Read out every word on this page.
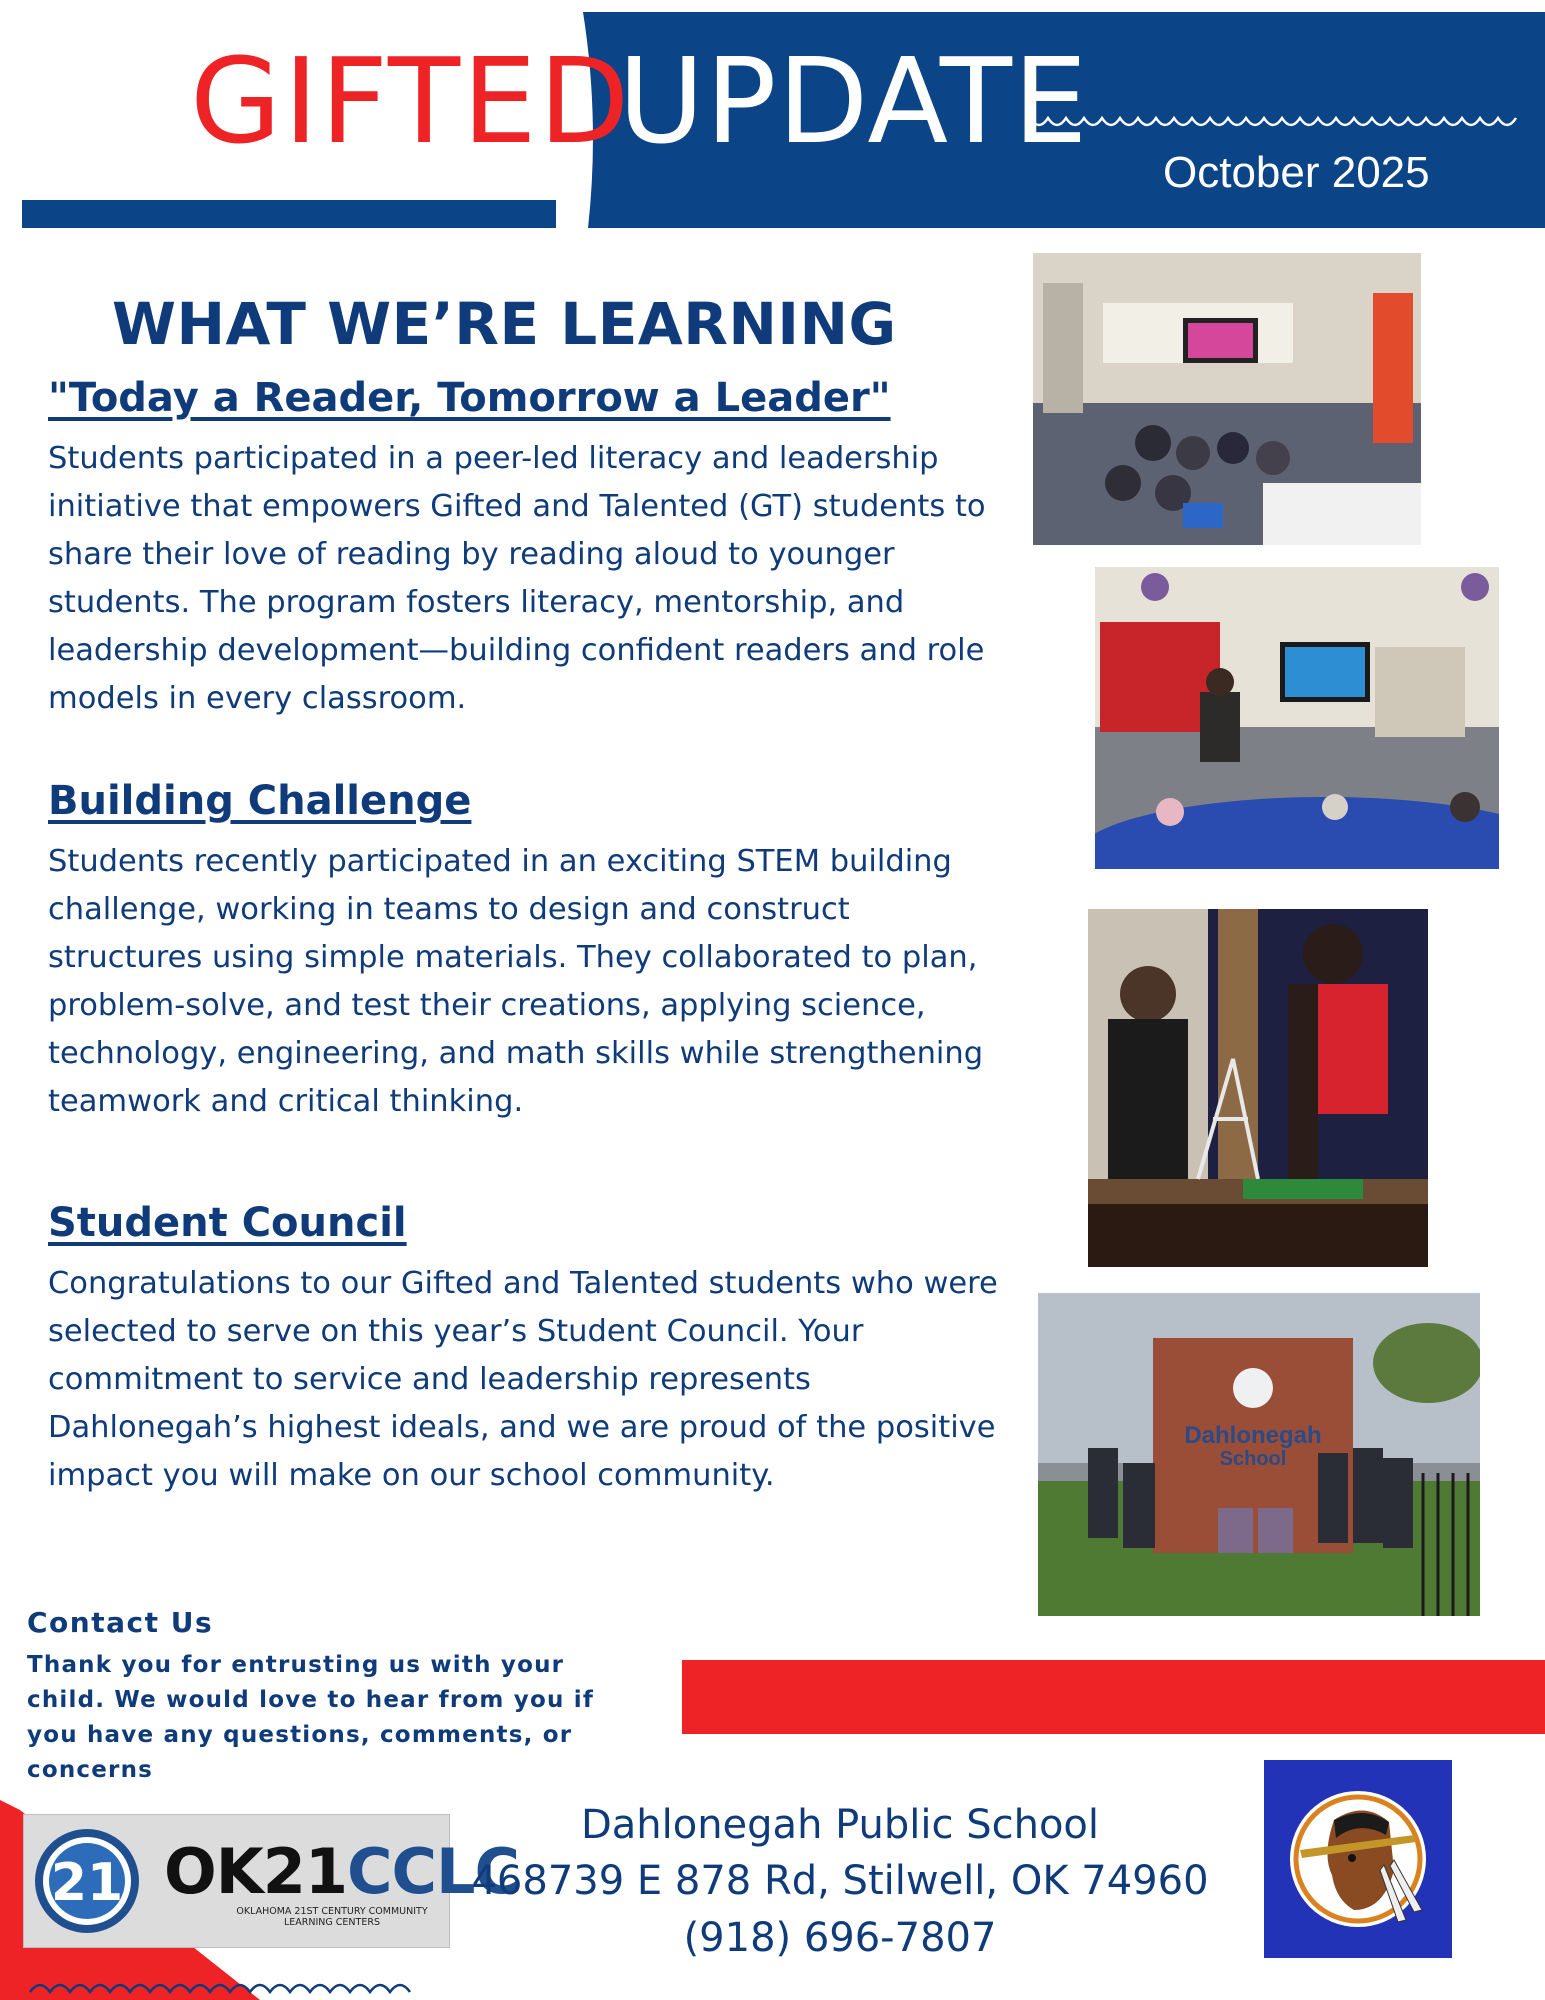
GIFTED
UPDATE
October 2025
WHAT WE’RE LEARNING
"Today a Reader, Tomorrow a Leader"
Students participated in a peer-led literacy and leadership initiative that empowers Gifted and Talented (GT) students to share their love of reading by reading aloud to younger students. The program fosters literacy, mentorship, and leadership development—building confident readers and role models in every classroom.
Building Challenge
Students recently participated in an exciting STEM building challenge, working in teams to design and construct structures using simple materials. They collaborated to plan, problem-solve, and test their creations, applying science, technology, engineering, and math skills while strengthening teamwork and critical thinking.
Student Council
Congratulations to our Gifted and Talented students who were selected to serve on this year’s Student Council. Your commitment to service and leadership represents Dahlonegah’s highest ideals, and we are proud of the positive impact you will make on our school community.
Dahlonegah
School
Contact Us
Thank you for entrusting us with your child. We would love to hear from you if you have any questions, comments, or concerns
21 OK21CCLC
OKLAHOMA 21ST CENTURY COMMUNITY LEARNING CENTERS
Dahlonegah Public School
468739 E 878 Rd, Stilwell, OK 74960
(918) 696-7807
